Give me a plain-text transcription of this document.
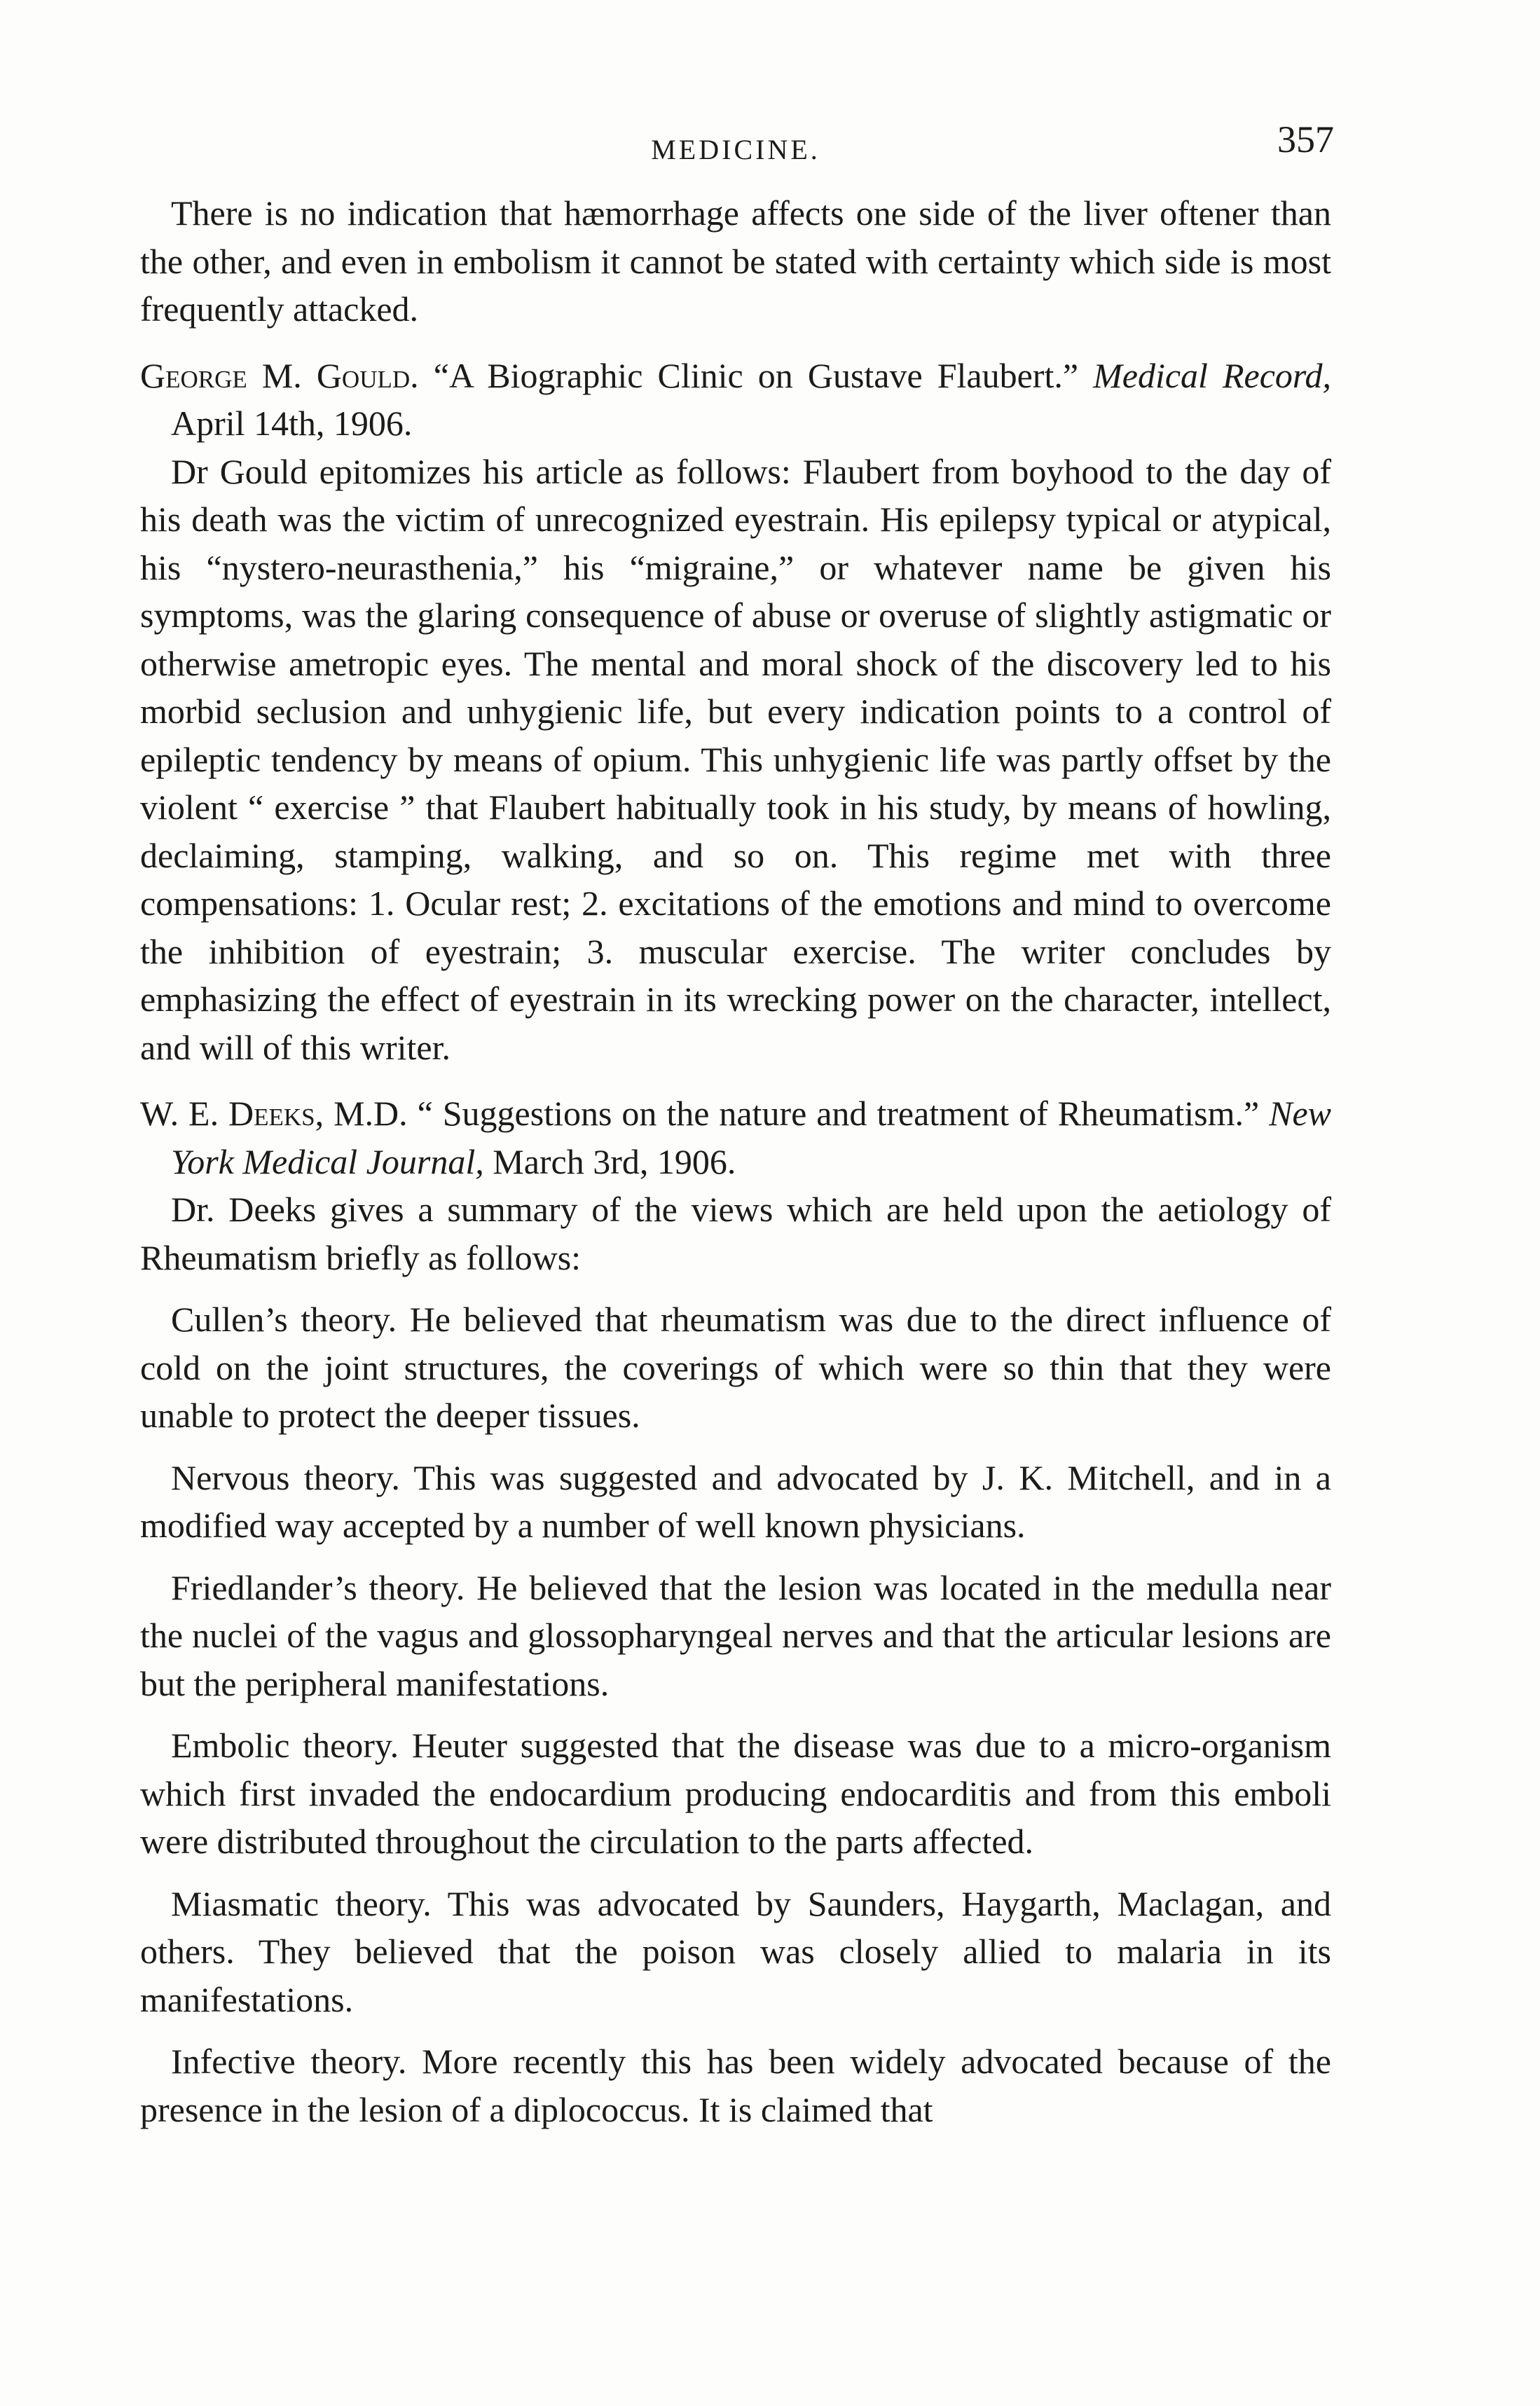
MEDICINE.	357

There is no indication that hæmorrhage affects one side of the liver oftener than the other, and even in embolism it cannot be stated with certainty which side is most frequently attacked.

George M. Gould. “A Biographic Clinic on Gustave Flaubert.” Medical Record, April 14th, 1906.

Dr Gould epitomizes his article as follows: Flaubert from boyhood to the day of his death was the victim of unrecognized eyestrain. His epilepsy typical or atypical, his “nystero-neurasthenia,” his “migraine,” or whatever name be given his symptoms, was the glaring consequence of abuse or overuse of slightly astigmatic or otherwise ametropic eyes. The mental and moral shock of the discovery led to his morbid seclusion and unhygienic life, but every indication points to a control of epileptic tendency by means of opium. This unhygienic life was partly offset by the violent “ exercise ” that Flaubert habitually took in his study, by means of howling, declaiming, stamping, walking, and so on. This regime met with three compensations: 1. Ocular rest; 2. excitations of the emotions and mind to overcome the inhibition of eyestrain; 3. muscular exercise. The writer concludes by emphasizing the effect of eyestrain in its wrecking power on the character, intellect, and will of this writer.

W. E. Deeks, M.D. “ Suggestions on the nature and treatment of Rheumatism.” New York Medical Journal, March 3rd, 1906.

Dr. Deeks gives a summary of the views which are held upon the aetiology of Rheumatism briefly as follows:

Cullen’s theory. He believed that rheumatism was due to the direct influence of cold on the joint structures, the coverings of which were so thin that they were unable to protect the deeper tissues.

Nervous theory. This was suggested and advocated by J. K. Mitchell, and in a modified way accepted by a number of well known physicians.

Friedlander’s theory. He believed that the lesion was located in the medulla near the nuclei of the vagus and glossopharyngeal nerves and that the articular lesions are but the peripheral manifestations.

Embolic theory. Heuter suggested that the disease was due to a micro-organism which first invaded the endocardium producing endocarditis and from this emboli were distributed throughout the circulation to the parts affected.

Miasmatic theory. This was advocated by Saunders, Haygarth, Maclagan, and others. They believed that the poison was closely allied to malaria in its manifestations.

Infective theory. More recently this has been widely advocated because of the presence in the lesion of a diplococcus. It is claimed that
